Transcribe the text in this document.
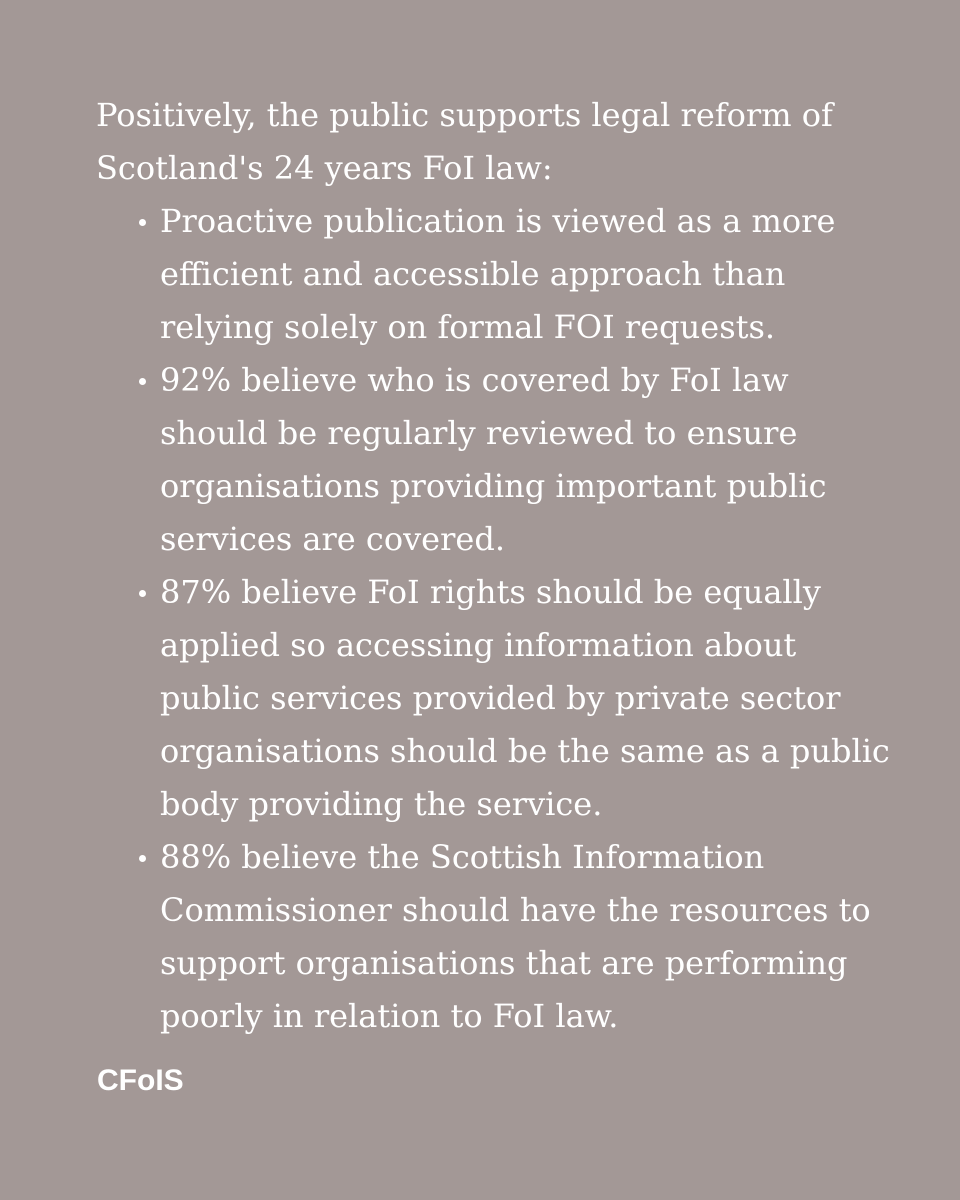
Positively, the public supports legal reform of Scotland's 24 years FoI law:

Proactive publication is viewed as a more efficient and accessible approach than relying solely on formal FOI requests.
92% believe who is covered by FoI law should be regularly reviewed to ensure organisations providing important public services are covered.
87% believe FoI rights should be equally applied so accessing information about public services provided by private sector organisations should be the same as a public body providing the service.
88% believe the Scottish Information Commissioner should have the resources to support organisations that are performing poorly in relation to FoI law.
CFoIS
